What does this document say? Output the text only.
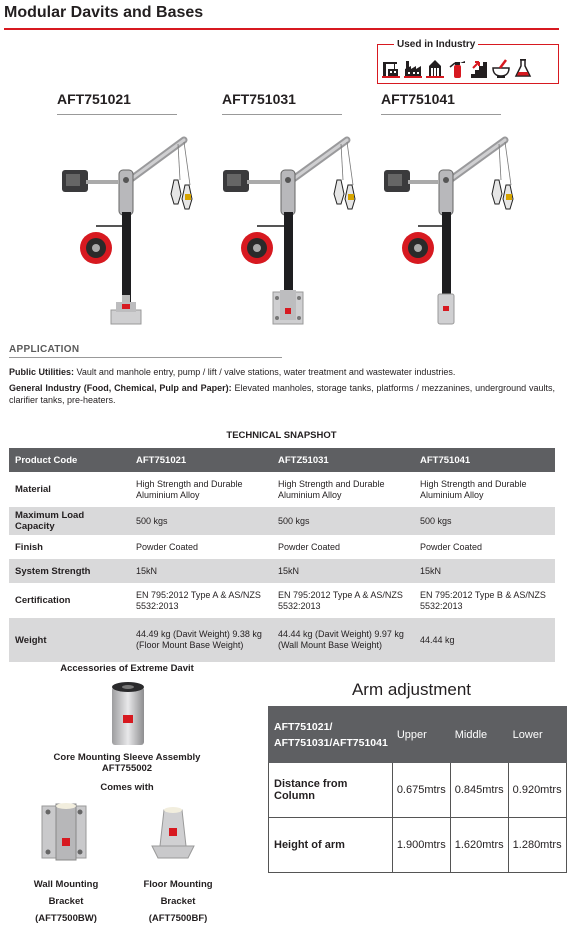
Modular Davits and Bases
Used in Industry
AFT751021	AFT751031	AFT751041
APPLICATION
Public Utilities: Vault and manhole entry, pump / lift / valve stations, water treatment and wastewater industries.
General Industry (Food, Chemical, Pulp and Paper): Elevated manholes, storage tanks, platforms / mezzanines, underground vaults, clarifier tanks, pre-heaters.
TECHNICAL SNAPSHOT
Product Code	AFT751021	AFTZ51031	AFT751041
Material	High Strength and Durable Aluminium Alloy	High Strength and Durable Aluminium Alloy	High Strength and Durable Aluminium Alloy
Maximum Load Capacity	500 kgs	500 kgs	500 kgs
Finish	Powder Coated	Powder Coated	Powder Coated
System Strength	15kN	15kN	15kN
Certification	EN 795:2012 Type A & AS/NZS 5532:2013	EN 795:2012 Type A & AS/NZS 5532:2013	EN 795:2012 Type B & AS/NZS 5532:2013
Weight	44.49 kg (Davit Weight) 9.38 kg (Floor Mount Base Weight)	44.44 kg (Davit Weight) 9.97 kg (Wall Mount Base Weight)	44.44 kg
Accessories of Extreme Davit
Core Mounting Sleeve Assembly
AFT755002
Comes with
Wall Mounting Bracket
(AFT7500BW)
Floor Mounting Bracket
(AFT7500BF)
Arm adjustment
AFT751021/ AFT751031/AFT751041	Upper	Middle	Lower
Distance from Column	0.675mtrs	0.845mtrs	0.920mtrs
Height of arm	1.900mtrs	1.620mtrs	1.280mtrs
